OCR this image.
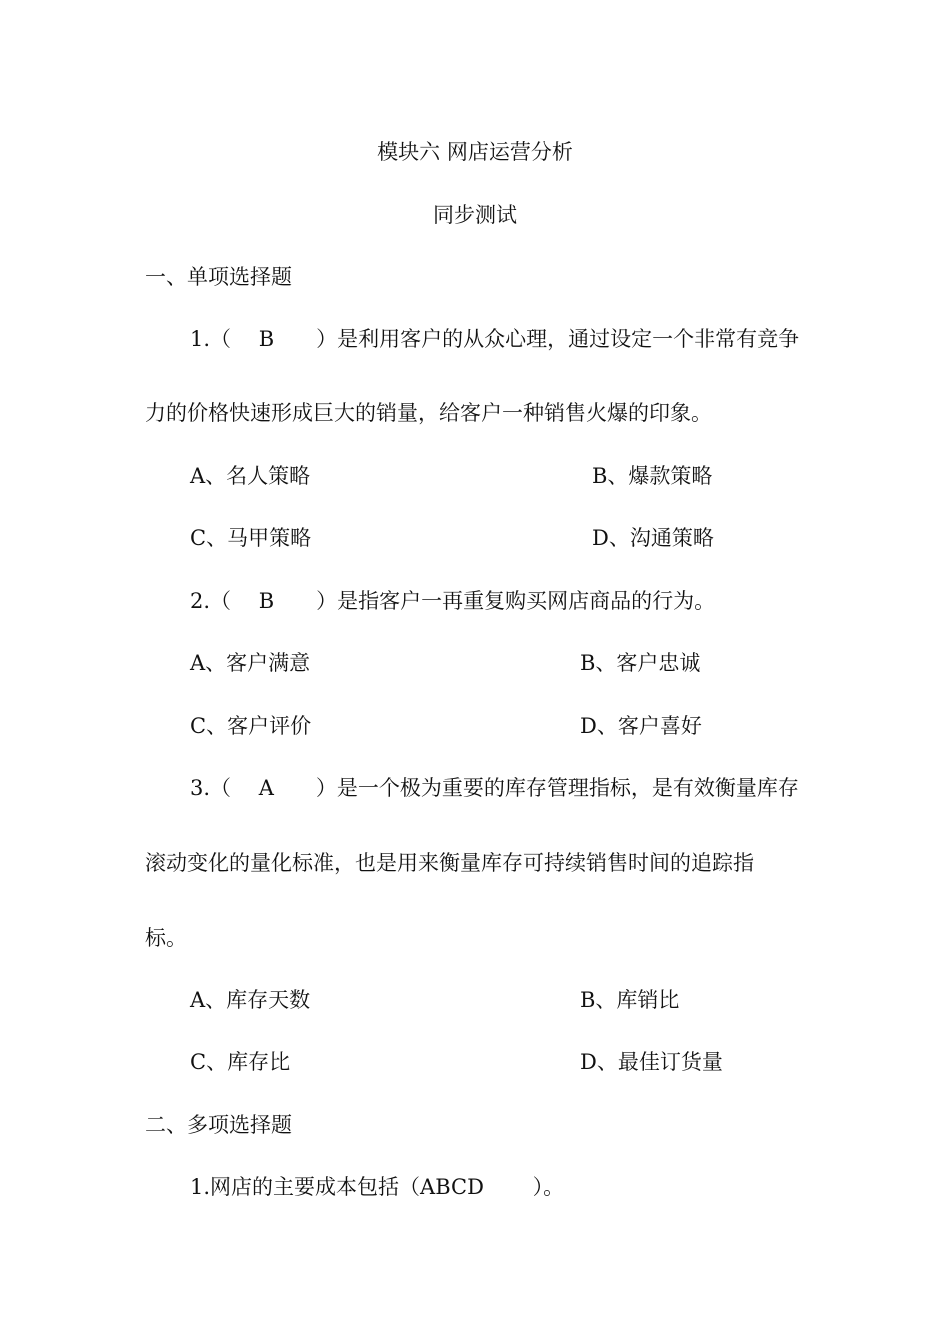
模块六 网店运营分析
同步测试
一、单项选择题
1.（　 B　　）是利用客户的从众心理，通过设定一个非常有竞争
力的价格快速形成巨大的销量，给客户一种销售火爆的印象。
A、名人策略	B、爆款策略
C、马甲策略	D、沟通策略
2.（　 B　　）是指客户一再重复购买网店商品的行为。
A、客户满意	B、客户忠诚
C、客户评价	D、客户喜好
3.（　 A　　）是一个极为重要的库存管理指标，是有效衡量库存
滚动变化的量化标准，也是用来衡量库存可持续销售时间的追踪指
标。
A、库存天数	B、库销比
C、库存比	D、最佳订货量
二、多项选择题
1.网店的主要成本包括（ABCD　　 ）。
